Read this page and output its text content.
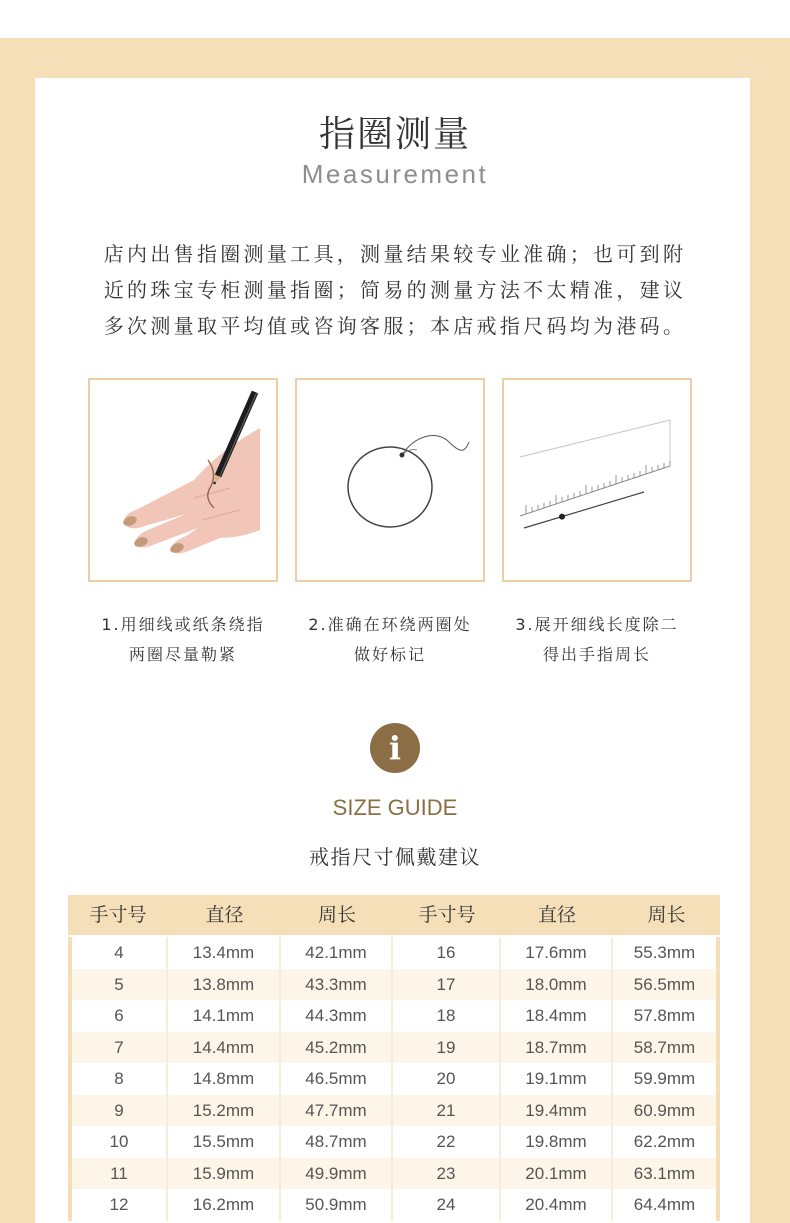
指圈测量
Measurement
店内出售指圈测量工具，测量结果较专业准确；也可到附
近的珠宝专柜测量指圈；简易的测量方法不太精准，建议
多次测量取平均值或咨询客服；本店戒指尺码均为港码。
1.用细线或纸条绕指
两圈尽量勒紧
2.准确在环绕两圈处
做好标记
3.展开细线长度除二
得出手指周长
i
SIZE GUIDE
戒指尺寸佩戴建议
手寸号	直径	周长	手寸号	直径	周长
4	13.4mm	42.1mm	16	17.6mm	55.3mm
5	13.8mm	43.3mm	17	18.0mm	56.5mm
6	14.1mm	44.3mm	18	18.4mm	57.8mm
7	14.4mm	45.2mm	19	18.7mm	58.7mm
8	14.8mm	46.5mm	20	19.1mm	59.9mm
9	15.2mm	47.7mm	21	19.4mm	60.9mm
10	15.5mm	48.7mm	22	19.8mm	62.2mm
11	15.9mm	49.9mm	23	20.1mm	63.1mm
12	16.2mm	50.9mm	24	20.4mm	64.4mm
